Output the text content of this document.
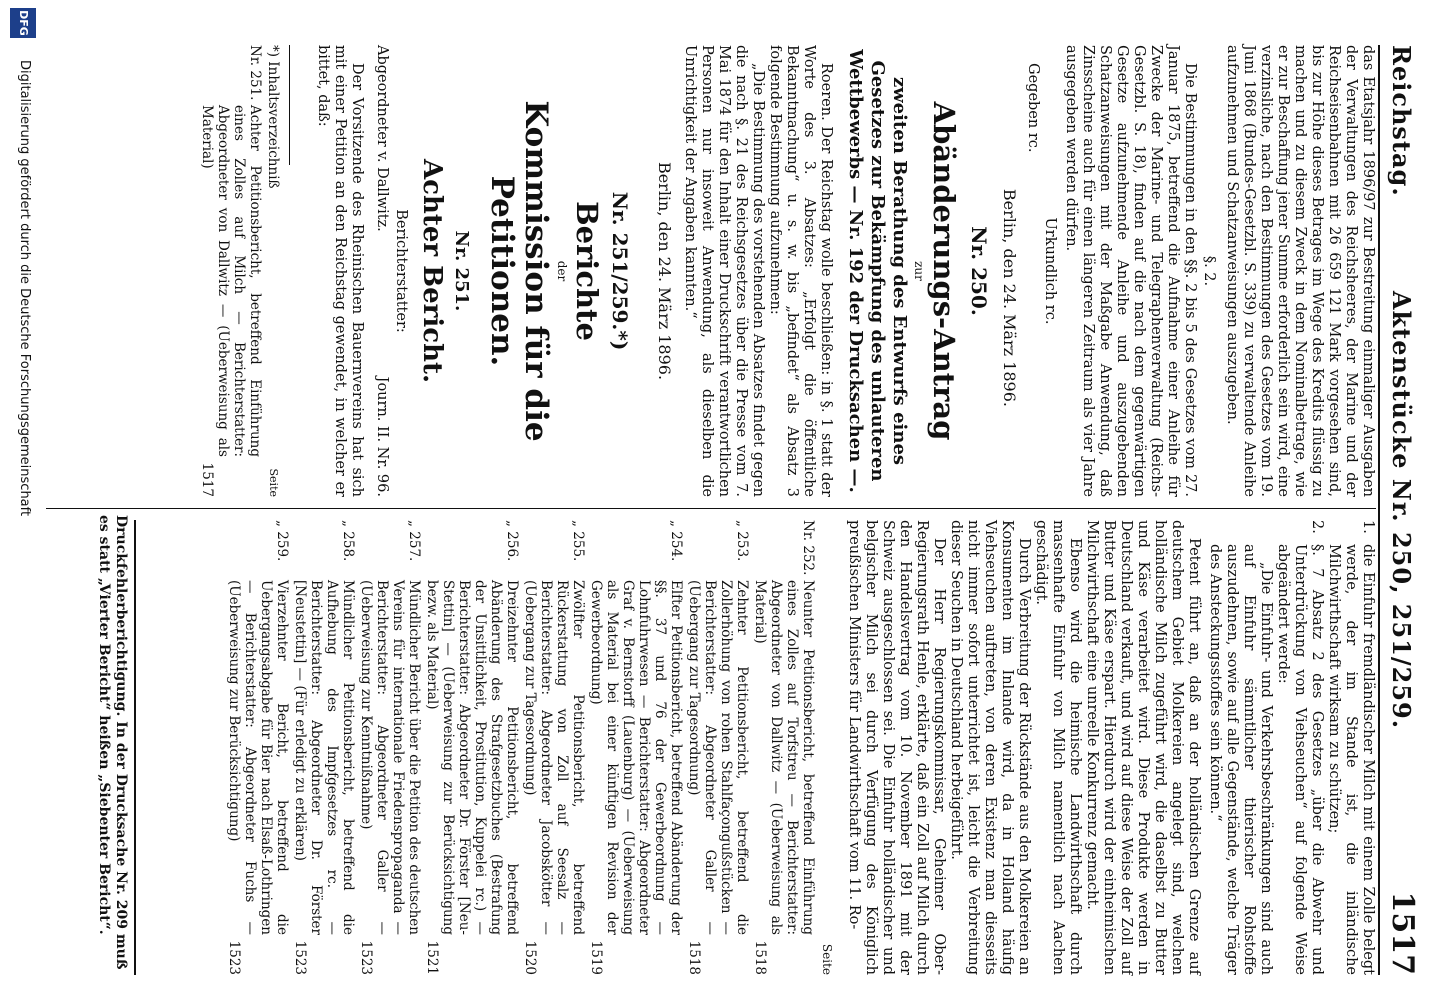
Reichstag.
Aktenstücke Nr. 250, 251/259.
1517

das Etatsjahr 1896/97 zur Bestreitung einmaliger Ausgaben der Verwaltungen des Reichsheeres, der Marine und der Reichseisenbahnen mit 26 659 121 Mark vorgesehen sind, bis zur Höhe dieses Betrages im Wege des Kredits flüssig zu machen und zu diesem Zweck in dem Nominalbetrage, wie er zur Beschaffung jener Summe erforderlich sein wird, eine verzinsliche, nach den Bestimmungen des Gesetzes vom 19. Juni 1868 (Bundes-Gesetzbl. S. 339) zu verwaltende Anleihe aufzunehmen und Schatzanweisungen auszugeben.

§. 2.

Die Bestimmungen in den §§. 2 bis 5 des Gesetzes vom 27. Januar 1875, betreffend die Aufnahme einer Anleihe für Zwecke der Marine- und Telegraphenverwaltung (Reichs-Gesetzbl. S. 18), finden auf die nach dem gegenwärtigen Gesetze aufzunehmende Anleihe und auszugebenden Schatzanweisungen mit der Maßgabe Anwendung, daß Zinsscheine auch für einen längeren Zeitraum als vier Jahre ausgegeben werden dürfen.

Urkundlich rc.
Gegeben rc.
Berlin, den 24. März 1896.
Nr. 250.
Abänderungs-Antrag
zur
zweiten Berathung des Entwurfs eines Gesetzes zur Bekämpfung des unlauteren Wettbewerbs — Nr. 192 der Drucksachen —.

Roeren. Der Reichstag wolle beschließen: in §. 1 statt der Worte des 3. Absatzes: „Erfolgt die öffentliche Bekanntmachung“ u. s. w. bis „befindet“ als Absatz 3 folgende Bestimmung aufzunehmen:

„Die Bestimmung des vorstehenden Absatzes findet gegen die nach §. 21 des Reichsgesetzes über die Presse vom 7. Mai 1874 für den Inhalt einer Druckschrift verantwortlichen Personen nur insoweit Anwendung, als dieselben die Unrichtigkeit der Angaben kannten.“

Berlin, den 24. März 1896.
Nr. 251/259.*)
Berichte
der
Kommission für die Petitionen.
Nr. 251.
Achter Bericht.
Berichterstatter:
Abgeordneter v. Dallwitz.
Journ. II. Nr. 96.

Der Vorsitzende des Rheinischen Bauernvereins hat sich mit einer Petition an den Reichstag gewendet, in welcher er bittet, daß:

*) Inhaltsverzeichniß
Seite
Nr. 251.
Achter Petitionsbericht, betreffend Einführung eines Zolles auf Milch — Berichterstatter: Abgeordneter von Dallwitz — (Ueberweisung als Material)
1517
1.
die Einfuhr fremdländischer Milch mit einem Zolle belegt werde, der im Stande ist, die inländische Milchwirthschaft wirksam zu schützen;
2.
§. 7 Absatz 2 des Gesetzes „über die Abwehr und Unterdrückung von Viehseuchen“ auf folgende Weise abgeändert werde:

„Die Einfuhr- und Verkehrsbeschränkungen sind auch auf Einfuhr sämmtlicher thierischer Rohstoffe auszudehnen, sowie auf alle Gegenstände, welche Träger des Ansteckungsstoffes sein können.“

Petent führt an, daß an der holländischen Grenze auf deutschem Gebiet Molkereien angelegt sind, welchen holländische Milch zugeführt wird, die daselbst zu Butter und Käse verarbeitet wird. Diese Produkte werden in Deutschland verkauft, und wird auf diese Weise der Zoll auf Butter und Käse erspart. Hierdurch wird der einheimischen Milchwirthschaft eine unreelle Konkurrenz gemacht.

Ebenso wird die heimische Landwirthschaft durch massenhafte Einfuhr von Milch namentlich nach Aachen geschädigt.

Durch Verbreitung der Rückstände aus den Molkereien an Konsumenten im Inlande wird, da in Holland häufig Viehseuchen auftreten, von deren Existenz man diesseits nicht immer sofort unterrichtet ist, leicht die Verbreitung dieser Seuchen in Deutschland herbeigeführt.

Der Herr Regierungskommissar, Geheimer Ober-Regierungsrath Henle, erklärte, daß ein Zoll auf Milch durch den Handelsvertrag vom 10. November 1891 mit der Schweiz ausgeschlossen sei. Die Einfuhr holländischer und belgischer Milch sei durch Verfügung des Königlich preußischen Ministers für Landwirthschaft vom 11. Ro-

Seite
Nr. 252.
Neunter Petitionsbericht, betreffend Einführung eines Zolles auf Torfstreu — Berichterstatter: Abgeordneter von Dallwitz — (Ueberweisung als Material)
1518
„ 253.
Zehnter Petitionsbericht, betreffend die Zollerhöhung von rohen Stahlfaçongußstücken — Berichterstatter: Abgeordneter Galler — (Uebergang zur Tagesordnung)
1518
„ 254.
Elfter Petitionsbericht, betreffend Abänderung der §§. 37 und 76 der Gewerbeordnung — Lohnfuhrwesen — Berichterstatter: Abgeordneter Graf v. Bernstorff (Lauenburg) — (Ueberweisung als Material bei einer künftigen Revision der Gewerbeordnung)
1519
„ 255.
Zwölfter Petitionsbericht, betreffend Rückerstattung von Zoll auf Seesalz — Berichterstatter: Abgeordneter Jacobskötter — (Uebergang zur Tagesordnung)
1520
„ 256.
Dreizehnter Petitionsbericht, betreffend Abänderung des Strafgesetzbuches (Bestrafung der Unsittlichkeit, Prostitution, Kuppelei rc.) — Berichterstatter: Abgeordneter Dr. Förster [Neu-Stettin] — (Ueberweisung zur Berücksichtigung bezw. als Material)
1521
„ 257.
Mündlicher Bericht über die Petition des deutschen Vereins für internationale Friedenspropaganda — Berichterstatter: Abgeordneter Galler — (Ueberweisung zur Kenntnißnahme)
1523
„ 258.
Mündlicher Petitionsbericht, betreffend die Aufhebung des Impfgesetzes rc. — Berichterstatter: Abgeordneter Dr. Förster [Neustettin] — (Für erledigt zu erklären)
1523
„ 259.
Vierzehnter Bericht, betreffend die Uebergangsabgabe für Bier nach Elsaß-Lothringen — Berichterstatter: Abgeordneter Fuchs — (Ueberweisung zur Berücksichtigung)
1523
Druckfehlerberichtigung. In der Drucksache Nr. 209 muß es statt „Vierter Bericht“ heißen „Siebenter Bericht“.
DFG
Digitalisierung gefördert durch die Deutsche Forschungsgemeinschaft
